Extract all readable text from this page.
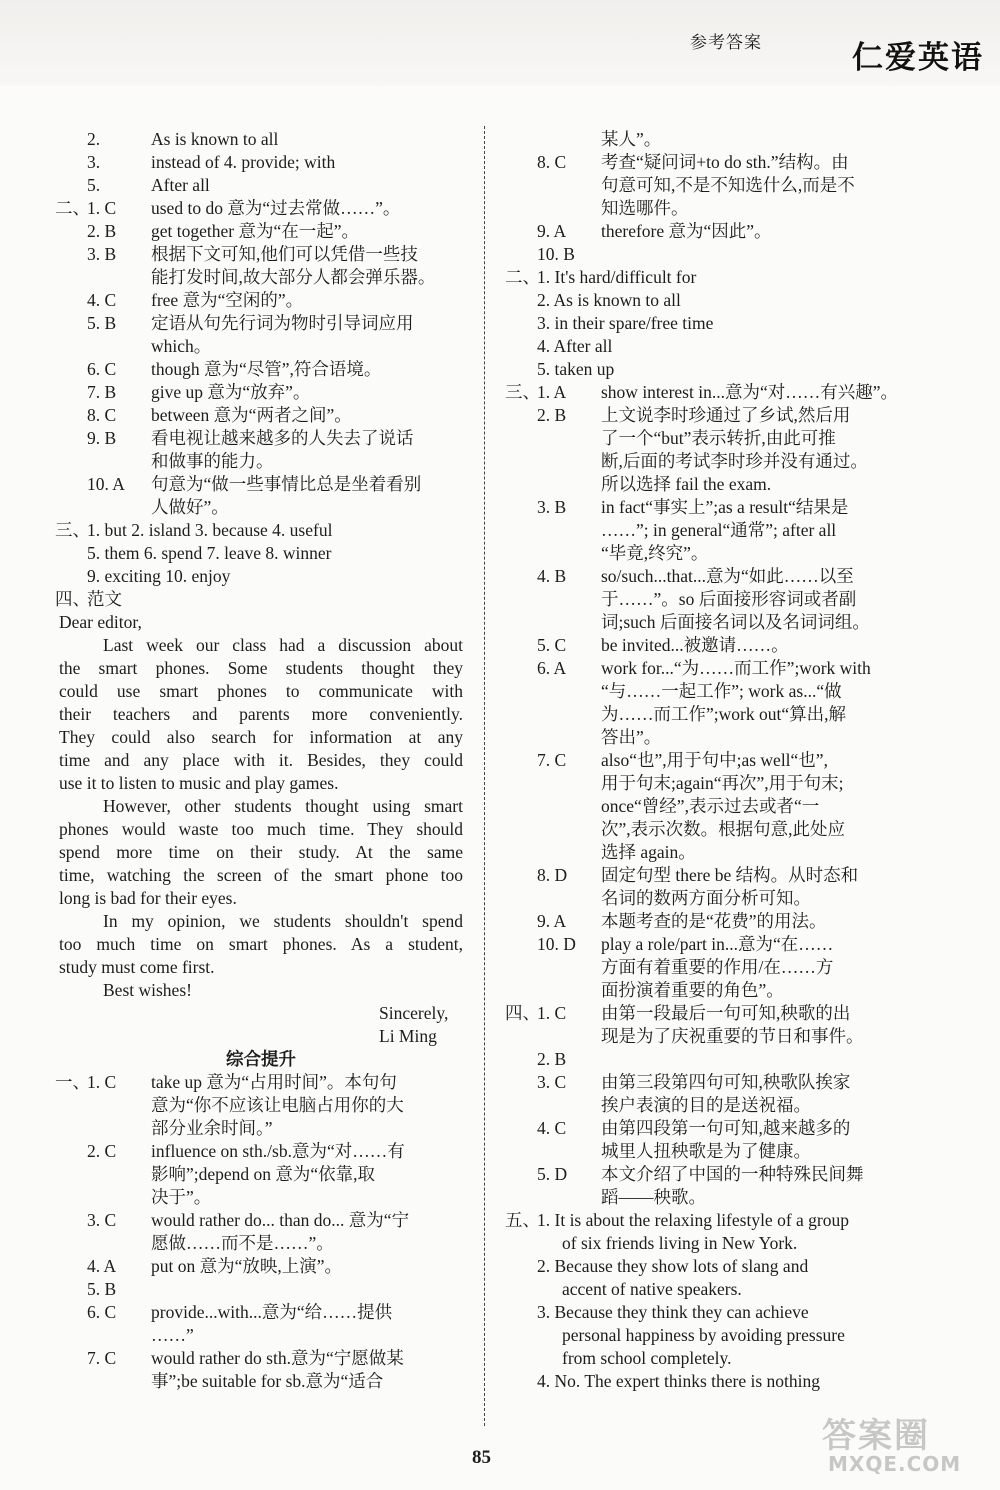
参考答案	仁爱英语
2.	As is known to all
3.	instead of 4. provide; with
5.	After all
二、
1. C used to do 意为“过去常做……”。
2. B get together 意为“在一起”。
3. B 根据下文可知,他们可以凭借一些技
能打发时间,故大部分人都会弹乐器。
4. C free 意为“空闲的”。
5. B 定语从句先行词为物时引导词应用
which。
6. C though 意为“尽管”,符合语境。
7. B give up 意为“放弃”。
8. C between 意为“两者之间”。
9. B 看电视让越来越多的人失去了说话
和做事的能力。
10. A 句意为“做一些事情比总是坐着看别
人做好”。
三、
1. but 2. island 3. because 4. useful
5. them 6. spend 7. leave 8. winner
9. exciting 10. enjoy
四、
范文
Dear editor,
Last week our class had a discussion about
the smart phones. Some students thought they
could use smart phones to communicate with
their teachers and parents more conveniently.
They could also search for information at any
time and any place with it. Besides, they could
use it to listen to music and play games.
However, other students thought using smart
phones would waste too much time. They should
spend more time on their study. At the same
time, watching the screen of the smart phone too
long is bad for their eyes.
In my opinion, we students shouldn't spend
too much time on smart phones. As a student,
study must come first.
Best wishes!
Sincerely,
Li Ming
综合提升
一、
1. C take up 意为“占用时间”。本句句
意为“你不应该让电脑占用你的大
部分业余时间。”
2. C influence on sth./sb.意为“对……有
影响”;depend on 意为“依靠,取
决于”。
3. C would rather do... than do... 意为“宁
愿做……而不是……”。
4. A put on 意为“放映,上演”。
5. B
6. C provide...with...意为“给……提供
……”
7. C would rather do sth.意为“宁愿做某
事”;be suitable for sb.意为“适合
某人”。
8. C 考查“疑问词+to do sth.”结构。由
句意可知,不是不知选什么,而是不
知选哪件。
9. A therefore 意为“因此”。
10. B
二、
1. It's hard/difficult for
2. As is known to all
3. in their spare/free time
4. After all
5. taken up
三、
1. A show interest in...意为“对……有兴趣”。
2. B 上文说李时珍通过了乡试,然后用
了一个“but”表示转折,由此可推
断,后面的考试李时珍并没有通过。
所以选择 fail the exam.
3. B in fact“事实上”;as a result“结果是
……”; in general“通常”; after all
“毕竟,终究”。
4. B so/such...that...意为“如此……以至
于……”。so 后面接形容词或者副
词;such 后面接名词以及名词词组。
5. C be invited...被邀请……。
6. A work for...“为……而工作”;work with
“与……一起工作”; work as...“做
为……而工作”;work out“算出,解
答出”。
7. C also“也”,用于句中;as well“也”,
用于句末;again“再次”,用于句末;
once“曾经”,表示过去或者“一
次”,表示次数。根据句意,此处应
选择 again。
8. D 固定句型 there be 结构。从时态和
名词的数两方面分析可知。
9. A 本题考查的是“花费”的用法。
10. D play a role/part in...意为“在……
方面有着重要的作用/在……方
面扮演着重要的角色”。
四、
1. C 由第一段最后一句可知,秧歌的出
现是为了庆祝重要的节日和事件。
2. B
3. C 由第三段第四句可知,秧歌队挨家
挨户表演的目的是送祝福。
4. C 由第四段第一句可知,越来越多的
城里人扭秧歌是为了健康。
5. D 本文介绍了中国的一种特殊民间舞
蹈——秧歌。
五、
1. It is about the relaxing lifestyle of a group
of six friends living in New York.
2. Because they show lots of slang and
accent of native speakers.
3. Because they think they can achieve
personal happiness by avoiding pressure
from school completely.
4. No. The expert thinks there is nothing
85
答案圈
MXQE.COM
